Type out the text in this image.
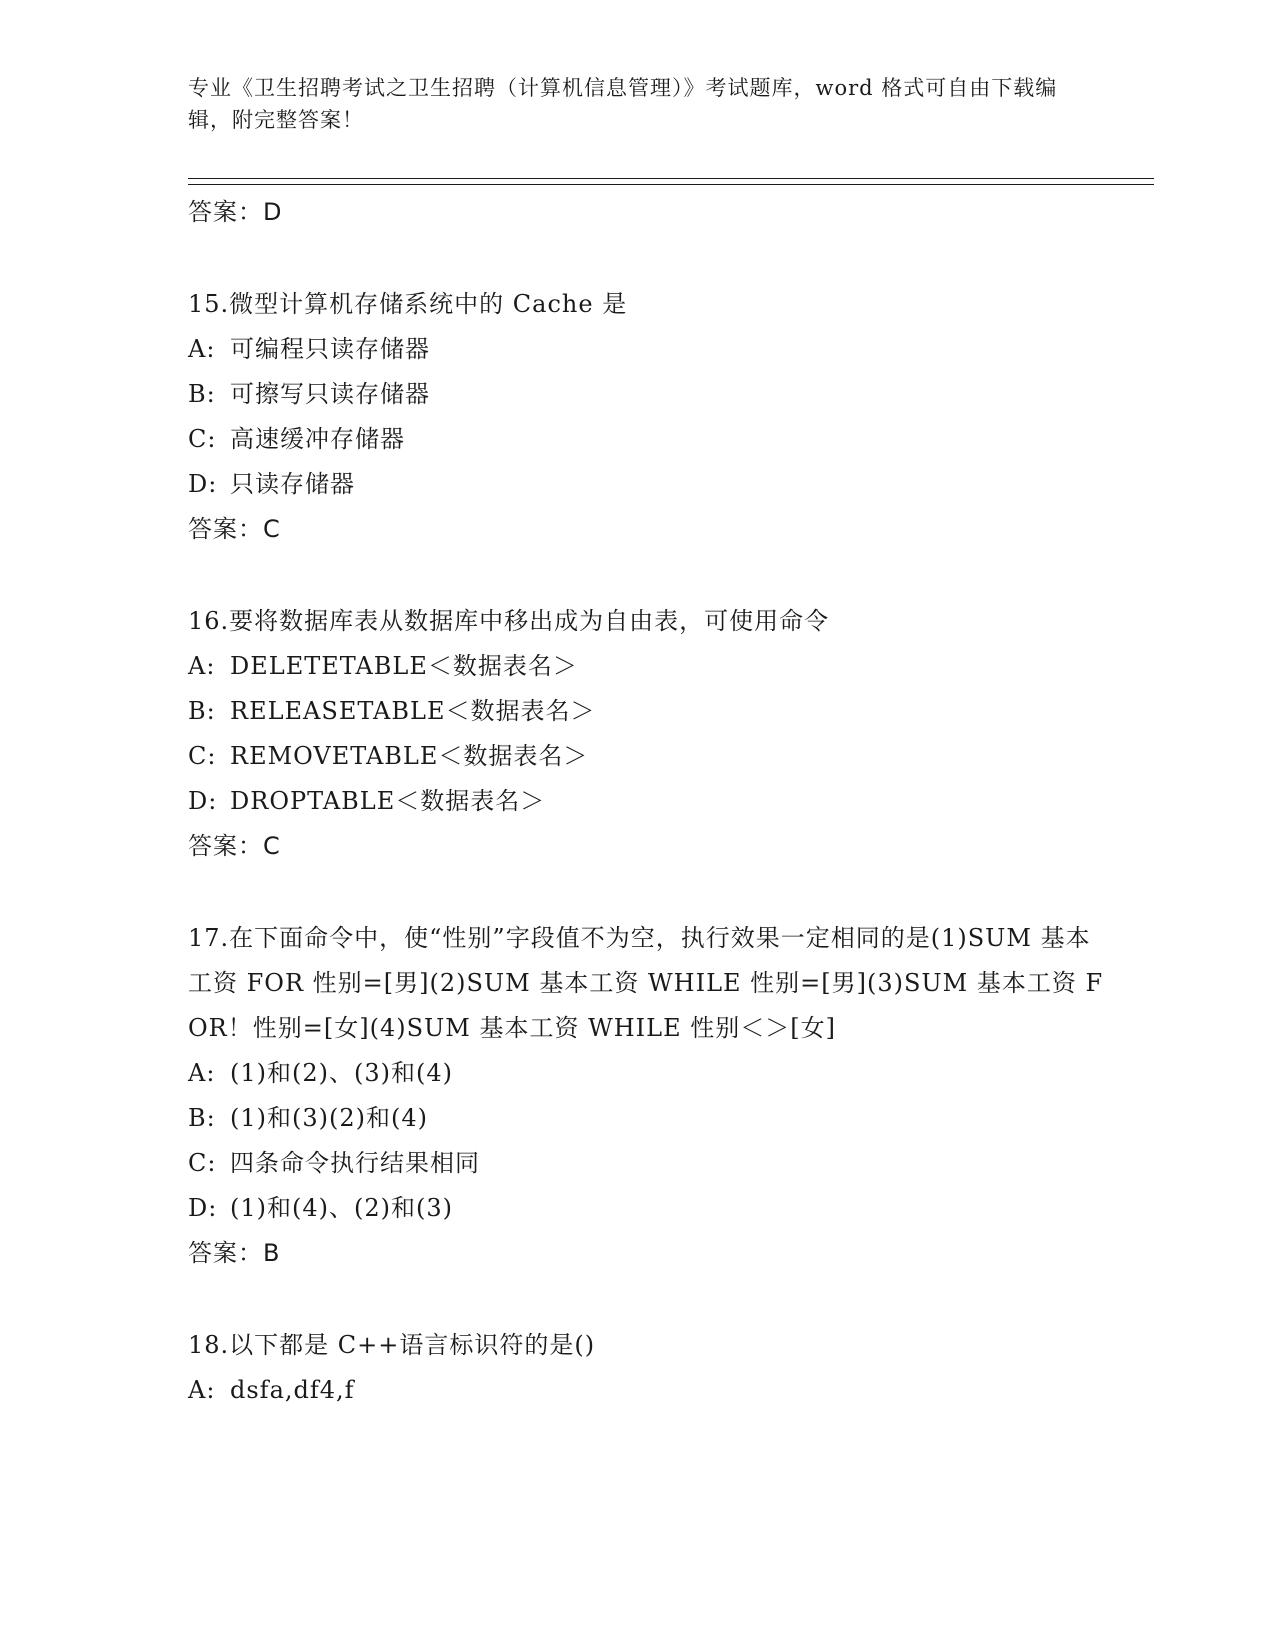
专业《卫生招聘考试之卫生招聘（计算机信息管理）》考试题库，word 格式可自由下载编辑，附完整答案！
答案：D
15.微型计算机存储系统中的 Cache 是
A: 可编程只读存储器
B: 可擦写只读存储器
C: 高速缓冲存储器
D: 只读存储器
答案：C
16.要将数据库表从数据库中移出成为自由表，可使用命令
A: DELETETABLE＜数据表名＞
B: RELEASETABLE＜数据表名＞
C: REMOVETABLE＜数据表名＞
D: DROPTABLE＜数据表名＞
答案：C
17.在下面命令中，使“性别”字段值不为空，执行效果一定相同的是(1)SUM 基本工资 FOR 性别=[男](2)SUM 基本工资 WHILE 性别=[男](3)SUM 基本工资 FOR！性别=[女](4)SUM 基本工资 WHILE 性别＜＞[女]
A: (1)和(2)、(3)和(4)
B: (1)和(3)(2)和(4)
C: 四条命令执行结果相同
D: (1)和(4)、(2)和(3)
答案：B
18.以下都是 C++语言标识符的是()
A: dsfa,df4,f
